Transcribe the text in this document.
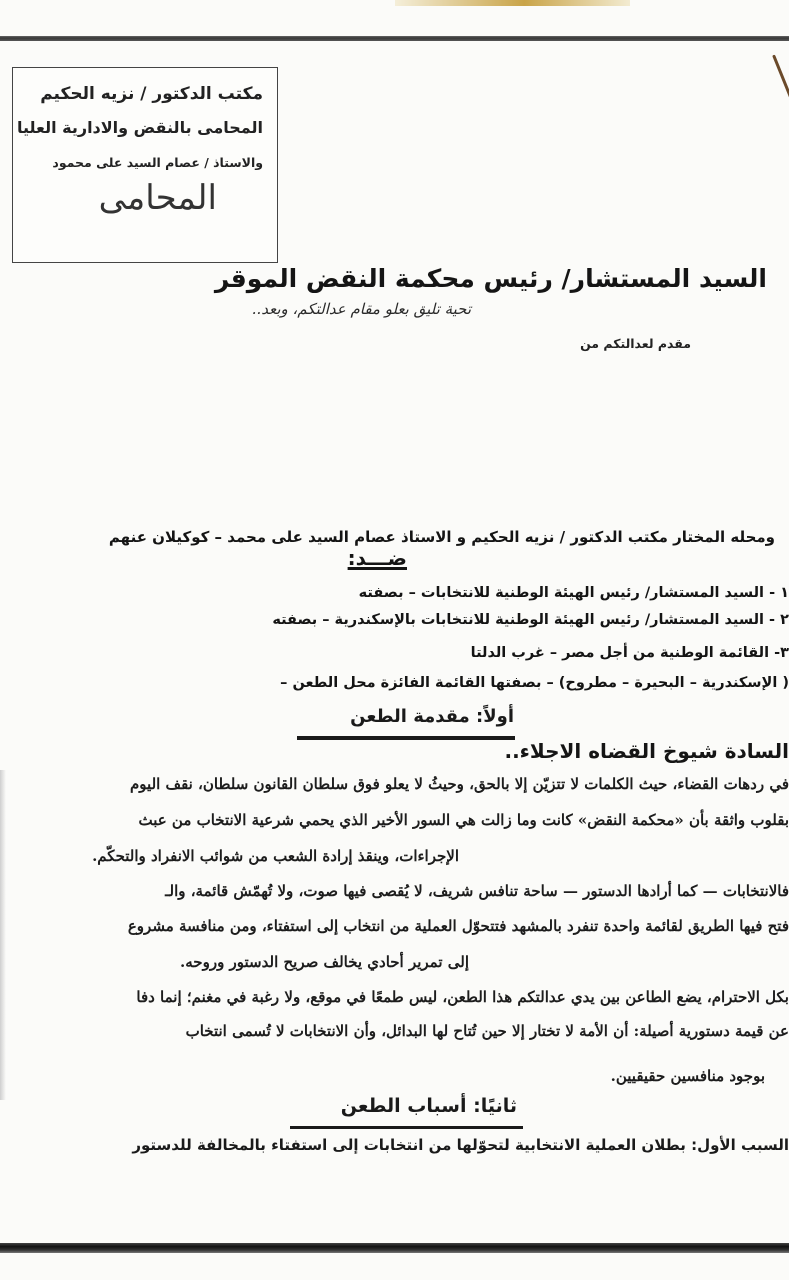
مكتب الدكتور / نزيه الحكيم
المحامى بالنقض والادارية العليا
والاستاذ / عصام السيد على محمود
المحامى
السيد المستشار/ رئيس محكمة النقض الموقر
تحية تليق بعلو مقام عدالتكم، وبعد..
مقدم لعدالتكم من
ومحله المختار مكتب الدكتور / نزيه الحكيم و الاستاذ عصام السيد على محمد – كوكيلان عنهم
ضـــد:
١ - السيد المستشار/ رئيس الهيئة الوطنية للانتخابات – بصفته
٢ - السيد المستشار/ رئيس الهيئة الوطنية للانتخابات بالإسكندرية – بصفته
٣- القائمة الوطنية من أجل مصر – غرب الدلتا
( الإسكندرية – البحيرة – مطروح) – بصفتها القائمة الفائزة محل الطعن –
أولاً: مقدمة الطعن
السادة شيوخ القضاه الاجلاء..
في ردهات القضاء، حيث الكلمات لا تتزيّن إلا بالحق، وحيثُ لا يعلو فوق سلطان القانون سلطان، نقف اليوم
بقلوب واثقة بأن «محكمة النقض» كانت وما زالت هي السور الأخير الذي يحمي شرعية الانتخاب من عبث
الإجراءات، وينقذ إرادة الشعب من شوائب الانفراد والتحكّم.
فالانتخابات — كما أرادها الدستور — ساحة تنافس شريف، لا يُقصى فيها صوت، ولا تُهمّش قائمة، والـ
فتح فيها الطريق لقائمة واحدة تنفرد بالمشهد فتتحوّل العملية من انتخاب إلى استفتاء، ومن منافسة مشروع
إلى تمرير أحادي يخالف صريح الدستور وروحه.
بكل الاحترام، يضع الطاعن بين يدي عدالتكم هذا الطعن، ليس طمعًا في موقع، ولا رغبة في مغنم؛ إنما دفا
عن قيمة دستورية أصيلة: أن الأمة لا تختار إلا حين تُتاح لها البدائل، وأن الانتخابات لا تُسمى انتخاب
بوجود منافسين حقيقيين.
ثانيًا: أسباب الطعن
السبب الأول: بطلان العملية الانتخابية لتحوّلها من انتخابات إلى استفتاء بالمخالفة للدستور
